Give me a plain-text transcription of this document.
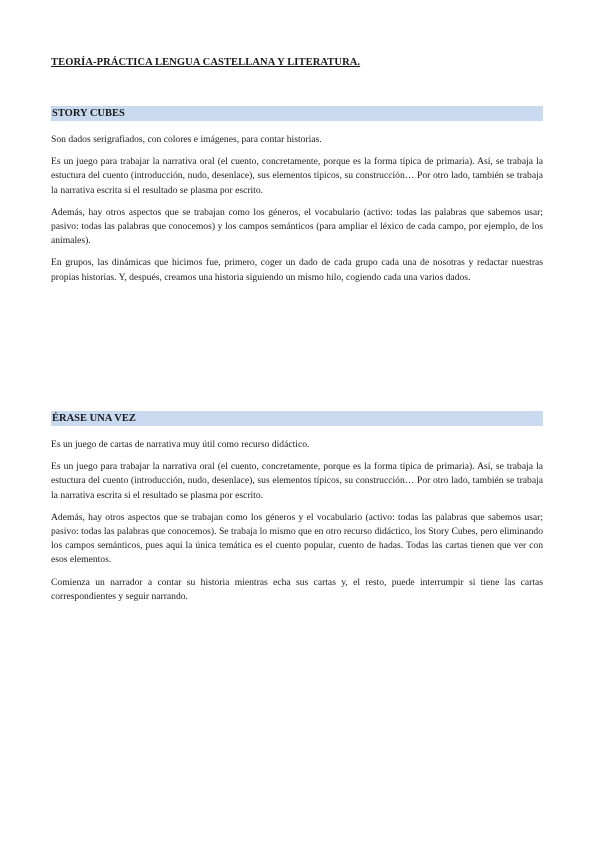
TEORÍA-PRÁCTICA LENGUA CASTELLANA Y LITERATURA.
STORY CUBES

Son dados serigrafiados, con colores e imágenes, para contar historias.

Es un juego para trabajar la narrativa oral (el cuento, concretamente, porque es la forma típica de primaria). Así, se trabaja la estuctura del cuento (introducción, nudo, desenlace), sus elementos típicos, su construcción… Por otro lado, también se trabaja la narrativa escrita si el resultado se plasma por escrito.

Además, hay otros aspectos que se trabajan como los géneros, el vocabulario (activo: todas las palabras que sabemos usar; pasivo: todas las palabras que conocemos) y los campos semánticos (para ampliar el léxico de cada campo, por ejemplo, de los animales).

En grupos, las dinámicas que hicimos fue, primero, coger un dado de cada grupo cada una de nosotras y redactar nuestras propias historias. Y, después, creamos una historia siguiendo un mismo hilo, cogiendo cada una varios dados.

ÉRASE UNA VEZ

Es un juego de cartas de narrativa muy útil como recurso didáctico.

Es un juego para trabajar la narrativa oral (el cuento, concretamente, porque es la forma típica de primaria). Así, se trabaja la estuctura del cuento (introducción, nudo, desenlace), sus elementos típicos, su construcción… Por otro lado, también se trabaja la narrativa escrita si el resultado se plasma por escrito.

Además, hay otros aspectos que se trabajan como los géneros y el vocabulario (activo: todas las palabras que sabemos usar; pasivo: todas las palabras que conocemos). Se trabaja lo mismo que en otro recurso didáctico, los Story Cubes, pero eliminando los campos semánticos, pues aquí la única temática es el cuento popular, cuento de hadas. Todas las cartas tienen que ver con esos elementos.

Comienza un narrador a contar su historia mientras echa sus cartas y, el resto, puede interrumpir si tiene las cartas correspondientes y seguir narrando.
